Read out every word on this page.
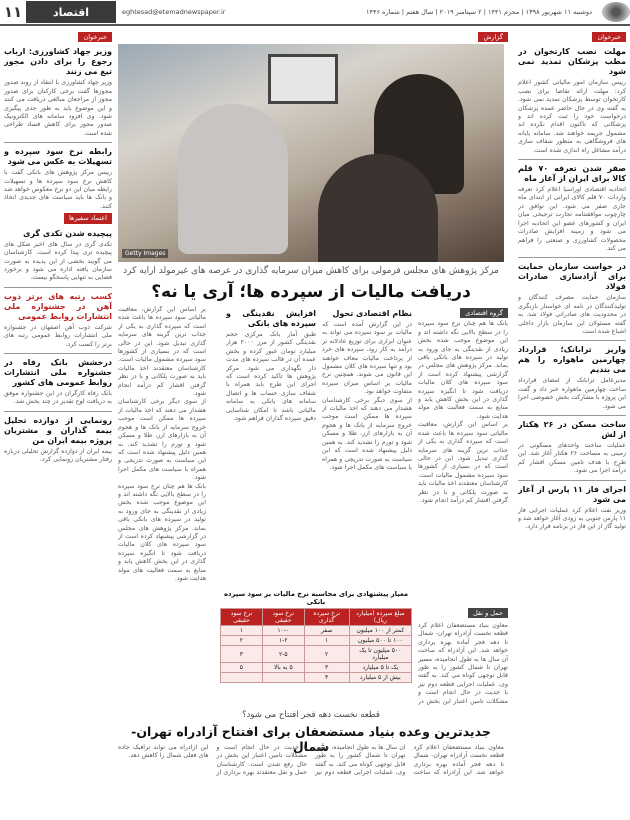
دوشنبه ۱۱ شهریور ۱۳۹۸ | محرم ۱۴۴۱ | ۲ سپتامبر ۲۰۱۹ | سال هفتم | شماره ۱۴۴۶
eghtesad@etemadnewspaper.ir
اقتصاد
۱۱
خبرخوان
مهلت نصب کارتخوان در مطب پزشکان تمدید نمی شود
رییس سازمان امور مالیاتی کشور اعلام کرد: مهلت ارائه تقاضا برای نصب کارتخوان توسط پزشکان تمدید نمی شود. به گفته وی در حال حاضر عمده پزشکان درخواست خود را ثبت کرده اند و پزشکانی که تاکنون اقدام نکرده اند مشمول جریمه خواهند شد. سامانه پایانه های فروشگاهی به منظور شفاف سازی درآمد مشاغل راه اندازی شده است.
صفر شدن تعرفه ۷۰ قلم کالا برای ایران از آغاز ماه
اتحادیه اقتصادی اوراسیا اعلام کرد تعرفه واردات ۷۰ قلم کالای ایرانی از ابتدای ماه جاری صفر می شود. این توافق در چارچوب موافقتنامه تجارت ترجیحی میان ایران و کشورهای عضو این اتحادیه اجرا می شود و زمینه افزایش صادرات محصولات کشاورزی و صنعتی را فراهم می کند.
در خواست سازمان حمایت برای آزادسازی صادرات فولاد
سازمان حمایت مصرف کنندگان و تولیدکنندگان در نامه ای خواستار بازنگری در محدودیت های صادراتی فولاد شد. به گفته مسئولان این سازمان بازار داخلی اشباع شده است.
واریز ترابانک؛ قرارداد چهارمین ماهواره را هم می بندیم
مدیرعامل ترابانک از امضای قرارداد ساخت چهارمین ماهواره خبر داد و گفت این پروژه با مشارکت بخش خصوصی اجرا می شود.
ساخت مسکن در ۲۶ هکتار از لش
عملیات ساخت واحدهای مسکونی در زمینی به مساحت ۲۶ هکتار آغاز شد. این طرح با هدف تامین مسکن اقشار کم درآمد اجرا می شود.
اجرای فاز ۱۱ پارس از آغاز می شود
وزیر نفت اعلام کرد عملیات اجرایی فاز ۱۱ پارس جنوبی به زودی آغاز خواهد شد و تولید گاز از این فاز در برنامه قرار دارد.
خبرخوان
وزیر جهاد کشاورزی: ارباب رجوع را برای دادن مجوز تیغ می زنند
وزیر جهاد کشاورزی با انتقاد از روند صدور مجوزها گفت برخی کارکنان برای صدور مجوز از مراجعان مبالغی دریافت می کنند و این موضوع باید به طور جدی پیگیری شود. وی افزود سامانه های الکترونیک صدور مجوز برای کاهش فساد طراحی شده است.
رابطه نرخ سود سپرده و تسهیلات به عکس می شود
رییس مرکز پژوهش های بانکی گفت با کاهش نرخ سود سپرده ها و تسهیلات رابطه میان این دو نرخ معکوس خواهد شد و بانک ها باید سیاست های جدیدی اتخاذ کنند.
اعتماد سفیرها
پیچیده شدن تکدی گری
تکدی گری در سال های اخیر شکل های پیچیده تری پیدا کرده است. کارشناسان می گویند بخشی از این پدیده به صورت سازمان یافته اداره می شود و برخورد قضایی به تنهایی پاسخگو نیست.
کسب رتبه های برتر ذوب آهن در جشنواره ملی انتشارات روابط عمومی
شرکت ذوب آهن اصفهان در جشنواره ملی انتشارات روابط عمومی رتبه های برتر را کسب کرد.
درخشش بانک رفاه در جشنواره ملی انتشارات روابط عمومی های کشور
بانک رفاه کارگران در این جشنواره موفق به دریافت لوح تقدیر در چند بخش شد.
رونمایی از دوازده تحلیل بیمه گذاران و مشتریان پروژه بیمه ایران من
بیمه ایران از دوازده گزارش تحلیلی درباره رفتار مشتریان رونمایی کرد.
گزارش
Getty Images
مرکز پژوهش های مجلس فرمولی برای کاهش میزان سرمایه گذاری در عرصه های غیرمولد ارایه کرد
دریافت مالیات از سپرده ها؛ آری یا نه؟
گروه اقتصادی
بانک ها هم چنان نرخ سود سپرده را در سطح بالایی نگه داشته اند و این موضوع موجب شده بخش زیادی از نقدینگی به جای ورود به تولید در سپرده های بانکی باقی بماند. مرکز پژوهش های مجلس در گزارشی پیشنهاد کرده است از سود سپرده های کلان مالیات دریافت شود تا انگیزه سپرده گذاری در این بخش کاهش یابد و منابع به سمت فعالیت های مولد هدایت شود.
بر اساس این گزارش، معافیت مالیاتی سود سپرده ها باعث شده است که سپرده گذاری به یکی از جذاب ترین گزینه های سرمایه گذاری تبدیل شود. این در حالی است که در بسیاری از کشورها سود سپرده مشمول مالیات است. کارشناسان معتقدند اخذ مالیات باید به صورت پلکانی و با در نظر گرفتن اقشار کم درآمد انجام شود.
نظام اقتصادی تحول
در این گزارش آمده است که مالیات بر سود سپرده می تواند به عنوان ابزاری برای توزیع عادلانه تر درآمد به کار رود. سپرده های خرد از پرداخت مالیات معاف خواهند بود و تنها سپرده های کلان مشمول این قانون می شوند. همچنین نرخ مالیات بر اساس میزان سپرده متفاوت خواهد بود.
از سوی دیگر برخی کارشناسان هشدار می دهند که اخذ مالیات از سپرده ها ممکن است موجب خروج سرمایه از بانک ها و هجوم آن به بازارهای ارز، طلا و مسکن شود و تورم را تشدید کند. به همین دلیل پیشنهاد شده است که این سیاست به صورت تدریجی و همراه با سیاست های مکمل اجرا شود.
افزایش نقدینگی و سپرده های بانکی
طبق آمار بانک مرکزی حجم نقدینگی کشور از مرز ۲۰۰۰ هزار میلیارد تومان عبور کرده و بخش عمده آن در قالب سپرده های مدت دار نگهداری می شود. مرکز پژوهش ها تاکید کرده است که اجرای این طرح باید همراه با شفاف سازی حساب ها و اتصال سامانه های بانکی به سامانه مالیاتی باشد تا امکان شناسایی دقیق سپرده گذاران فراهم شود.
بر اساس این گزارش، معافیت مالیاتی سود سپرده ها باعث شده است که سپرده گذاری به یکی از جذاب ترین گزینه های سرمایه گذاری تبدیل شود. این در حالی است که در بسیاری از کشورها سود سپرده مشمول مالیات است. کارشناسان معتقدند اخذ مالیات باید به صورت پلکانی و با در نظر گرفتن اقشار کم درآمد انجام شود.
از سوی دیگر برخی کارشناسان هشدار می دهند که اخذ مالیات از سپرده ها ممکن است موجب خروج سرمایه از بانک ها و هجوم آن به بازارهای ارز، طلا و مسکن شود و تورم را تشدید کند. به همین دلیل پیشنهاد شده است که این سیاست به صورت تدریجی و همراه با سیاست های مکمل اجرا شود.
بانک ها هم چنان نرخ سود سپرده را در سطح بالایی نگه داشته اند و این موضوع موجب شده بخش زیادی از نقدینگی به جای ورود به تولید در سپرده های بانکی باقی بماند. مرکز پژوهش های مجلس در گزارشی پیشنهاد کرده است از سود سپرده های کلان مالیات دریافت شود تا انگیزه سپرده گذاری در این بخش کاهش یابد و منابع به سمت فعالیت های مولد هدایت شود.
معیار پیشنهادی برای محاسبه نرخ مالیات بر سود سپرده بانکی
مبلغ سپرده (میلیارد ریال)	نرخ سپرده گذاری	نرخ سود حقیقی	نرخ سود حقیقی
کمتر از ۱۰۰ میلیون	صفر	۱۰-۰	۱
۱۰۰ تا ۵۰۰ میلیون	۱	۱-۲	۲
۵۰۰ میلیون تا یک میلیارد	۲	۲-۵	۳
یک تا ۵ میلیارد	۳	۵ به بالا	۵
بیش از ۵ میلیارد	۴		
حمل و نقل
قطعه نخست دهه فجر افتتاح می شود؟
جدیدترین وعده بنیاد مستضعفان برای افتتاح آزادراه تهران- شمال	معاون بنیاد مستضعفان اعلام کرد قطعه نخست آزادراه تهران- شمال تا دهه فجر آماده بهره برداری خواهد شد. این آزادراه که ساخت آن سال ها به طول انجامیده، مسیر تهران تا شمال کشور را به طور قابل توجهی کوتاه می کند. به گفته وی، عملیات اجرایی قطعه دوم نیز با جدیت در حال انجام است و مشکلات تامین اعتبار این بخش در حال رفع شدن است. کارشناسان حمل و نقل معتقدند بهره برداری از این آزادراه می تواند ترافیک جاده های فعلی شمال را کاهش دهد.
معاون بنیاد مستضعفان اعلام کرد قطعه نخست آزادراه تهران- شمال تا دهه فجر آماده بهره برداری خواهد شد. این آزادراه که ساخت آن سال ها به طول انجامیده، مسیر تهران تا شمال کشور را به طور قابل توجهی کوتاه می کند. به گفته وی، عملیات اجرایی قطعه دوم نیز با جدیت در حال انجام است و مشکلات تامین اعتبار این بخش در
